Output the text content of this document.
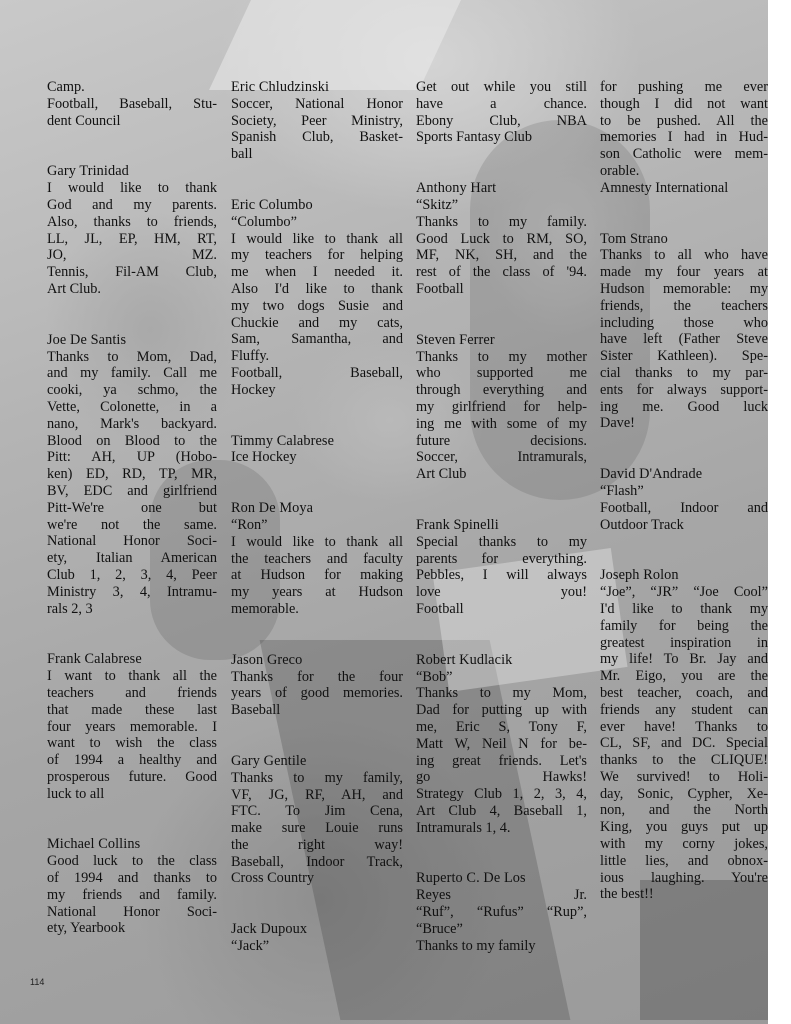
Camp.
Football, Baseball, Stu-
dent Council
Gary Trinidad
I would like to thank
God and my parents.
Also, thanks to friends,
LL, JL, EP, HM, RT,
JO, MZ.
Tennis, Fil-AM Club,
Art Club.
Joe De Santis
Thanks to Mom, Dad,
and my family. Call me
cooki, ya schmo, the
Vette, Colonette, in a
nano, Mark's backyard.
Blood on Blood to the
Pitt: AH, UP (Hobo-
ken) ED, RD, TP, MR,
BV, EDC and girlfriend
Pitt-We're one but
we're not the same.
National Honor Soci-
ety, Italian American
Club 1, 2, 3, 4, Peer
Ministry 3, 4, Intramu-
rals 2, 3
Frank Calabrese
I want to thank all the
teachers and friends
that made these last
four years memorable. I
want to wish the class
of 1994 a healthy and
prosperous future. Good
luck to all
Michael Collins
Good luck to the class
of 1994 and thanks to
my friends and family.
National Honor Soci-
ety, Yearbook
Eric Chludzinski
Soccer, National Honor
Society, Peer Ministry,
Spanish Club, Basket-
ball
Eric Columbo
“Columbo”
I would like to thank all
my teachers for helping
me when I needed it.
Also I'd like to thank
my two dogs Susie and
Chuckie and my cats,
Sam, Samantha, and
Fluffy.
Football, Baseball,
Hockey
Timmy Calabrese
Ice Hockey
Ron De Moya
“Ron”
I would like to thank all
the teachers and faculty
at Hudson for making
my years at Hudson
memorable.
Jason Greco
Thanks for the four
years of good memories.
Baseball
Gary Gentile
Thanks to my family,
VF, JG, RF, AH, and
FTC. To Jim Cena,
make sure Louie runs
the right way!
Baseball, Indoor Track,
Cross Country
Jack Dupoux
“Jack”
Get out while you still
have a chance.
Ebony Club, NBA
Sports Fantasy Club
Anthony Hart
“Skitz”
Thanks to my family.
Good Luck to RM, SO,
MF, NK, SH, and the
rest of the class of '94.
Football
Steven Ferrer
Thanks to my mother
who supported me
through everything and
my girlfriend for help-
ing me with some of my
future decisions.
Soccer, Intramurals,
Art Club
Frank Spinelli
Special thanks to my
parents for everything.
Pebbles, I will always
love you!
Football
Robert Kudlacik
“Bob”
Thanks to my Mom,
Dad for putting up with
me, Eric S, Tony F,
Matt W, Neil N for be-
ing great friends. Let's
go Hawks!
Strategy Club 1, 2, 3, 4,
Art Club 4, Baseball 1,
Intramurals 1, 4.
Ruperto C. De Los
Reyes Jr.
“Ruf”, “Rufus” “Rup”,
“Bruce”
Thanks to my family
for pushing me ever
though I did not want
to be pushed. All the
memories I had in Hud-
son Catholic were mem-
orable.
Amnesty International
Tom Strano
Thanks to all who have
made my four years at
Hudson memorable: my
friends, the teachers
including those who
have left (Father Steve
Sister Kathleen). Spe-
cial thanks to my par-
ents for always support-
ing me. Good luck
Dave!
David D'Andrade
“Flash”
Football, Indoor and
Outdoor Track
Joseph Rolon
“Joe”, “JR” “Joe Cool”
I'd like to thank my
family for being the
greatest inspiration in
my life! To Br. Jay and
Mr. Eigo, you are the
best teacher, coach, and
friends any student can
ever have! Thanks to
CL, SF, and DC. Special
thanks to the CLIQUE!
We survived! to Holi-
day, Sonic, Cypher, Xe-
non, and the North
King, you guys put up
with my corny jokes,
little lies, and obnox-
ious laughing. You're
the best!!
114
